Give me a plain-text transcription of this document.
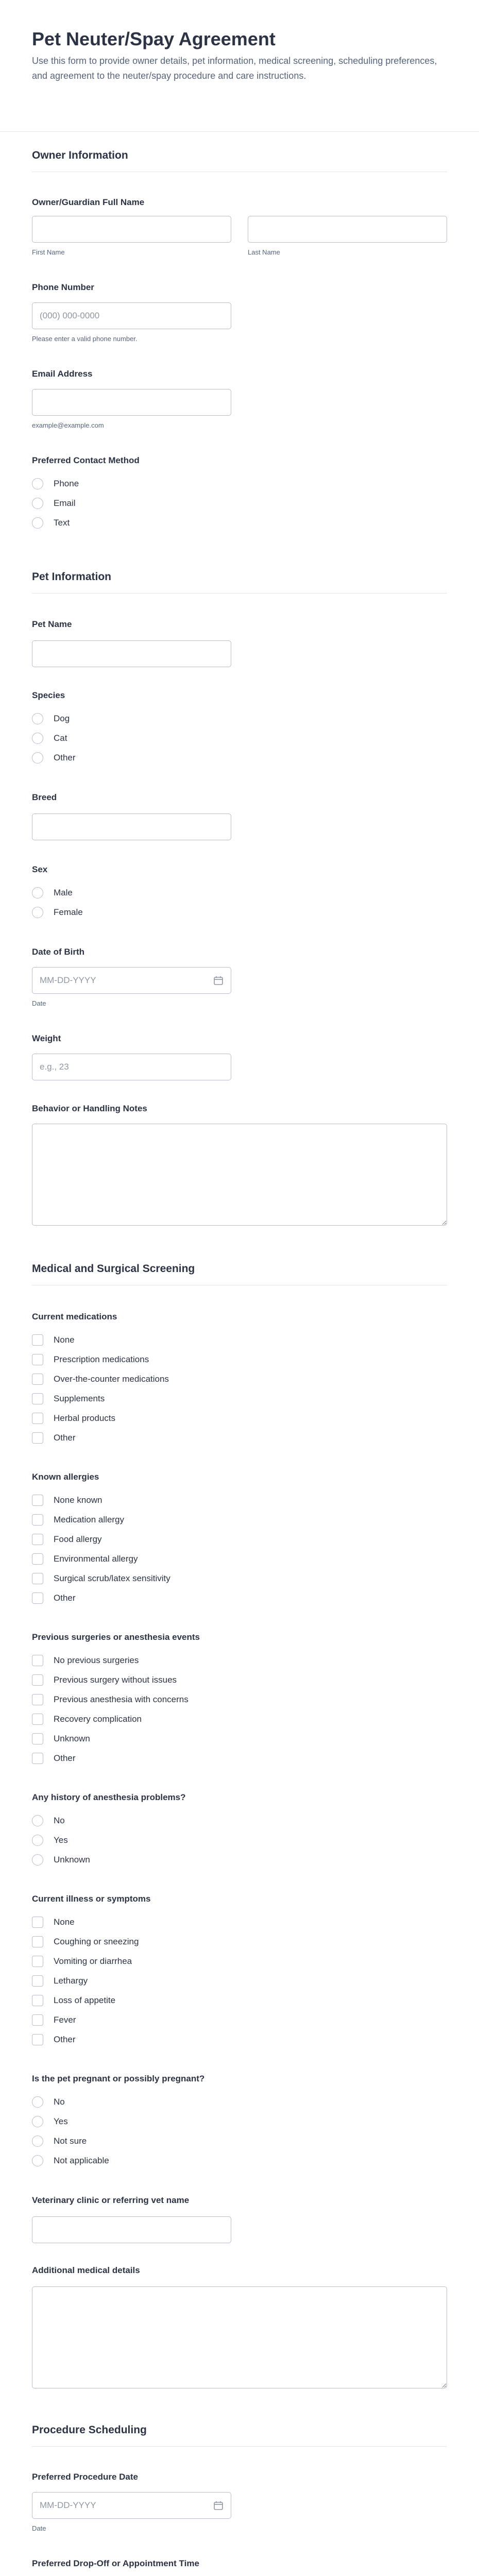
Pet Neuter/Spay Agreement
Use this form to provide owner details, pet information, medical screening, scheduling preferences, and agreement to the neuter/spay procedure and care instructions.
Owner Information
Owner/Guardian Full Name
First Name	Last Name
Phone Number
(000) 000-0000
Please enter a valid phone number.
Email Address
example@example.com
Preferred Contact Method
Phone
Email
Text
Pet Information
Pet Name
Species
Dog
Cat
Other
Breed
Sex
Male
Female
Date of Birth
MM-DD-YYYY
Date
Weight
e.g., 23
Behavior or Handling Notes
Medical and Surgical Screening
Current medications
None
Prescription medications
Over-the-counter medications
Supplements
Herbal products
Other
Known allergies
None known
Medication allergy
Food allergy
Environmental allergy
Surgical scrub/latex sensitivity
Other
Previous surgeries or anesthesia events
No previous surgeries
Previous surgery without issues
Previous anesthesia with concerns
Recovery complication
Unknown
Other
Any history of anesthesia problems?
No
Yes
Unknown
Current illness or symptoms
None
Coughing or sneezing
Vomiting or diarrhea
Lethargy
Loss of appetite
Fever
Other
Is the pet pregnant or possibly pregnant?
No
Yes
Not sure
Not applicable
Veterinary clinic or referring vet name
Additional medical details
Procedure Scheduling
Preferred Procedure Date
MM-DD-YYYY
Date
Preferred Drop-Off or Appointment Time
